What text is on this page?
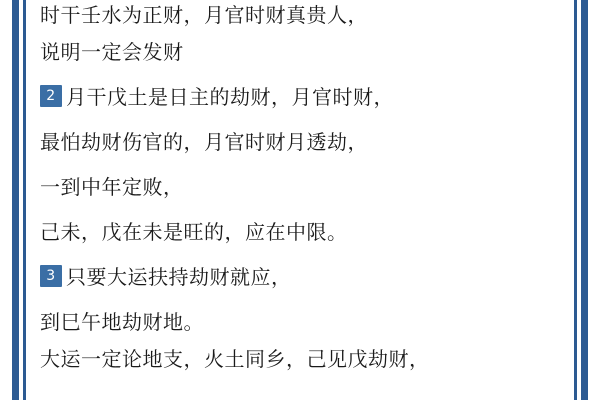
时干壬水为正财，月官时财真贵人，
说明一定会发财
2 月干戊土是日主的劫财，月官时财，
最怕劫财伤官的，月官时财月透劫，
一到中年定败，
己未，戊在未是旺的，应在中限。
3 只要大运扶持劫财就应，
到巳午地劫财地。
大运一定论地支，火土同乡，己见戊劫财，
